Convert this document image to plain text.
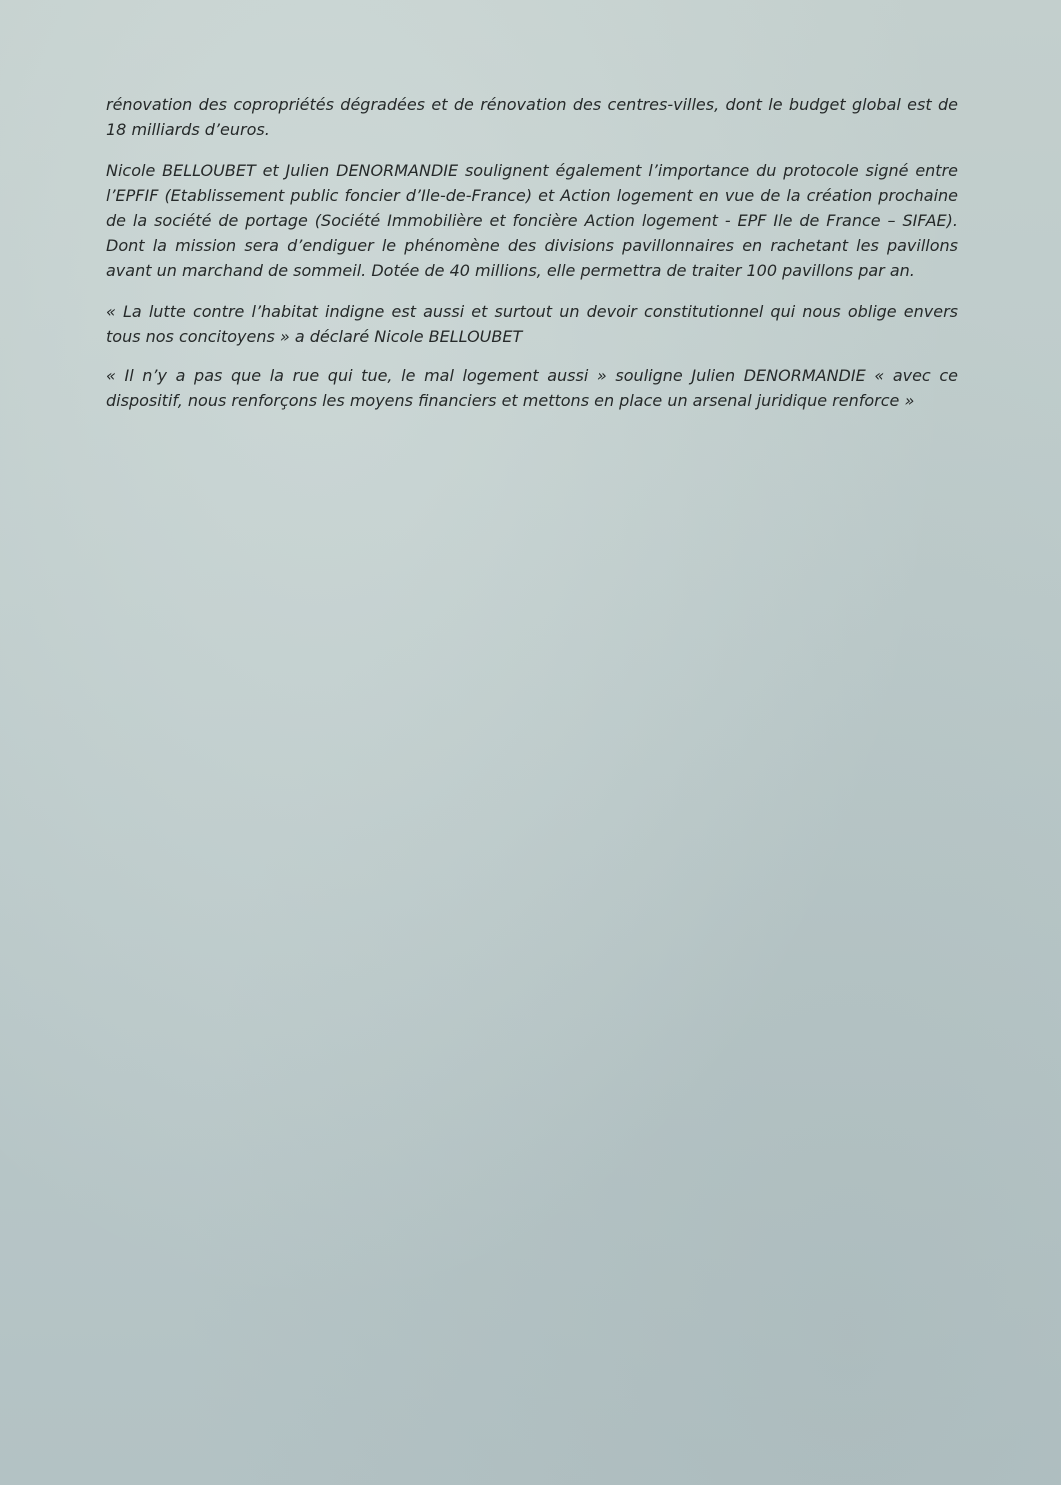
rénovation des copropriétés dégradées et de rénovation des centres-villes, dont le budget global est de 18 milliards d’euros.

Nicole BELLOUBET et Julien DENORMANDIE soulignent également l’importance du protocole signé entre l’EPFIF (Etablissement public foncier d’Ile-de-France) et Action logement en vue de la création prochaine de la société de portage (Société Immobilière et foncière Action logement - EPF Ile de France – SIFAE). Dont la mission sera d’endiguer le phénomène des divisions pavillonnaires en rachetant les pavillons avant un marchand de sommeil. Dotée de 40 millions, elle permettra de traiter 100 pavillons par an.

« La lutte contre l’habitat indigne est aussi et surtout un devoir constitutionnel qui nous oblige envers tous nos concitoyens » a déclaré Nicole BELLOUBET

« Il n’y a pas que la rue qui tue, le mal logement aussi » souligne Julien DENORMANDIE « avec ce dispositif, nous renforçons les moyens financiers et mettons en place un arsenal juridique renforce »
